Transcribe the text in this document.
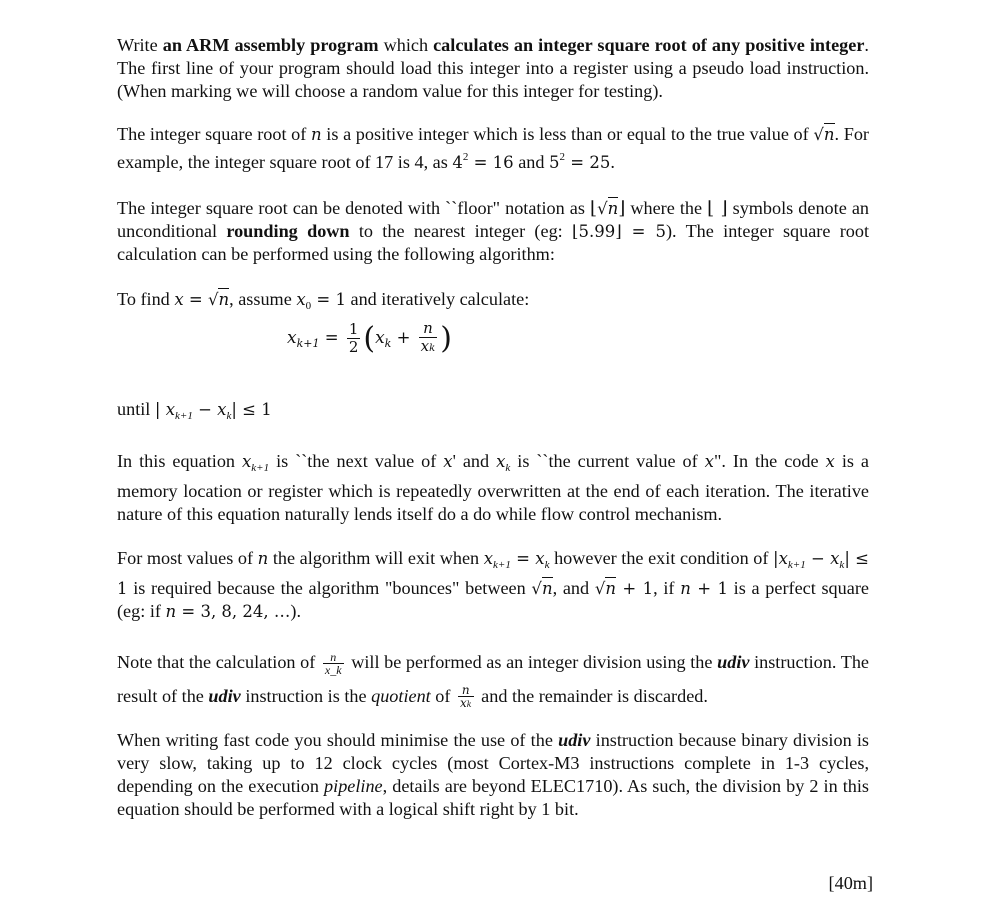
Write an ARM assembly program which calculates an integer square root of any positive integer. The first line of your program should load this integer into a register using a pseudo load instruction. (When marking we will choose a random value for this integer for testing).

The integer square root of n is a positive integer which is less than or equal to the true value of √n. For example, the integer square root of 17 is 4, as $4^2 = 16$ and $5^2 = 25$.

The integer square root can be denoted with ``floor" notation as ⌊√n⌋ where the ⌊ ⌋ symbols denote an unconditional rounding down to the nearest integer (eg: ⌊5.99⌋ = 5). The integer square root calculation can be performed using the following algorithm:

To find x = √n, assume $x_0 = 1$ and iteratively calculate:

until | $x_{k+1} - x_k| \le 1$

In this equation $x_{k+1}$ is ``the next value of x' and $x_k$ is ``the current value of x". In the code x is a memory location or register which is repeatedly overwritten at the end of each iteration. The iterative nature of this equation naturally lends itself do a do while flow control mechanism.

For most values of n the algorithm will exit when $x_{k+1} = x_k$ however the exit condition of $|x_{k+1} - x_k| \le 1$ is required because the algorithm "bounces" between √n, and √n + 1, if n + 1 is a perfect square (eg: if n = 3, 8, 24, …).

Note that the calculation of $\frac{n}{x\_k}$ will be performed as an integer division using the udiv instruction. The result of the udiv instruction is the quotient of $\frac{n}{xk}$ and the remainder is discarded.

When writing fast code you should minimise the use of the udiv instruction because binary division is very slow, taking up to 12 clock cycles (most Cortex-M3 instructions complete in 1-3 cycles, depending on the execution pipeline, details are beyond ELEC1710). As such, the division by 2 in this equation should be performed with a logical shift right by 1 bit.

$x_{k+1} = \frac{1}{2} (x_k + \frac{n}{xk}$ )
[40m]
